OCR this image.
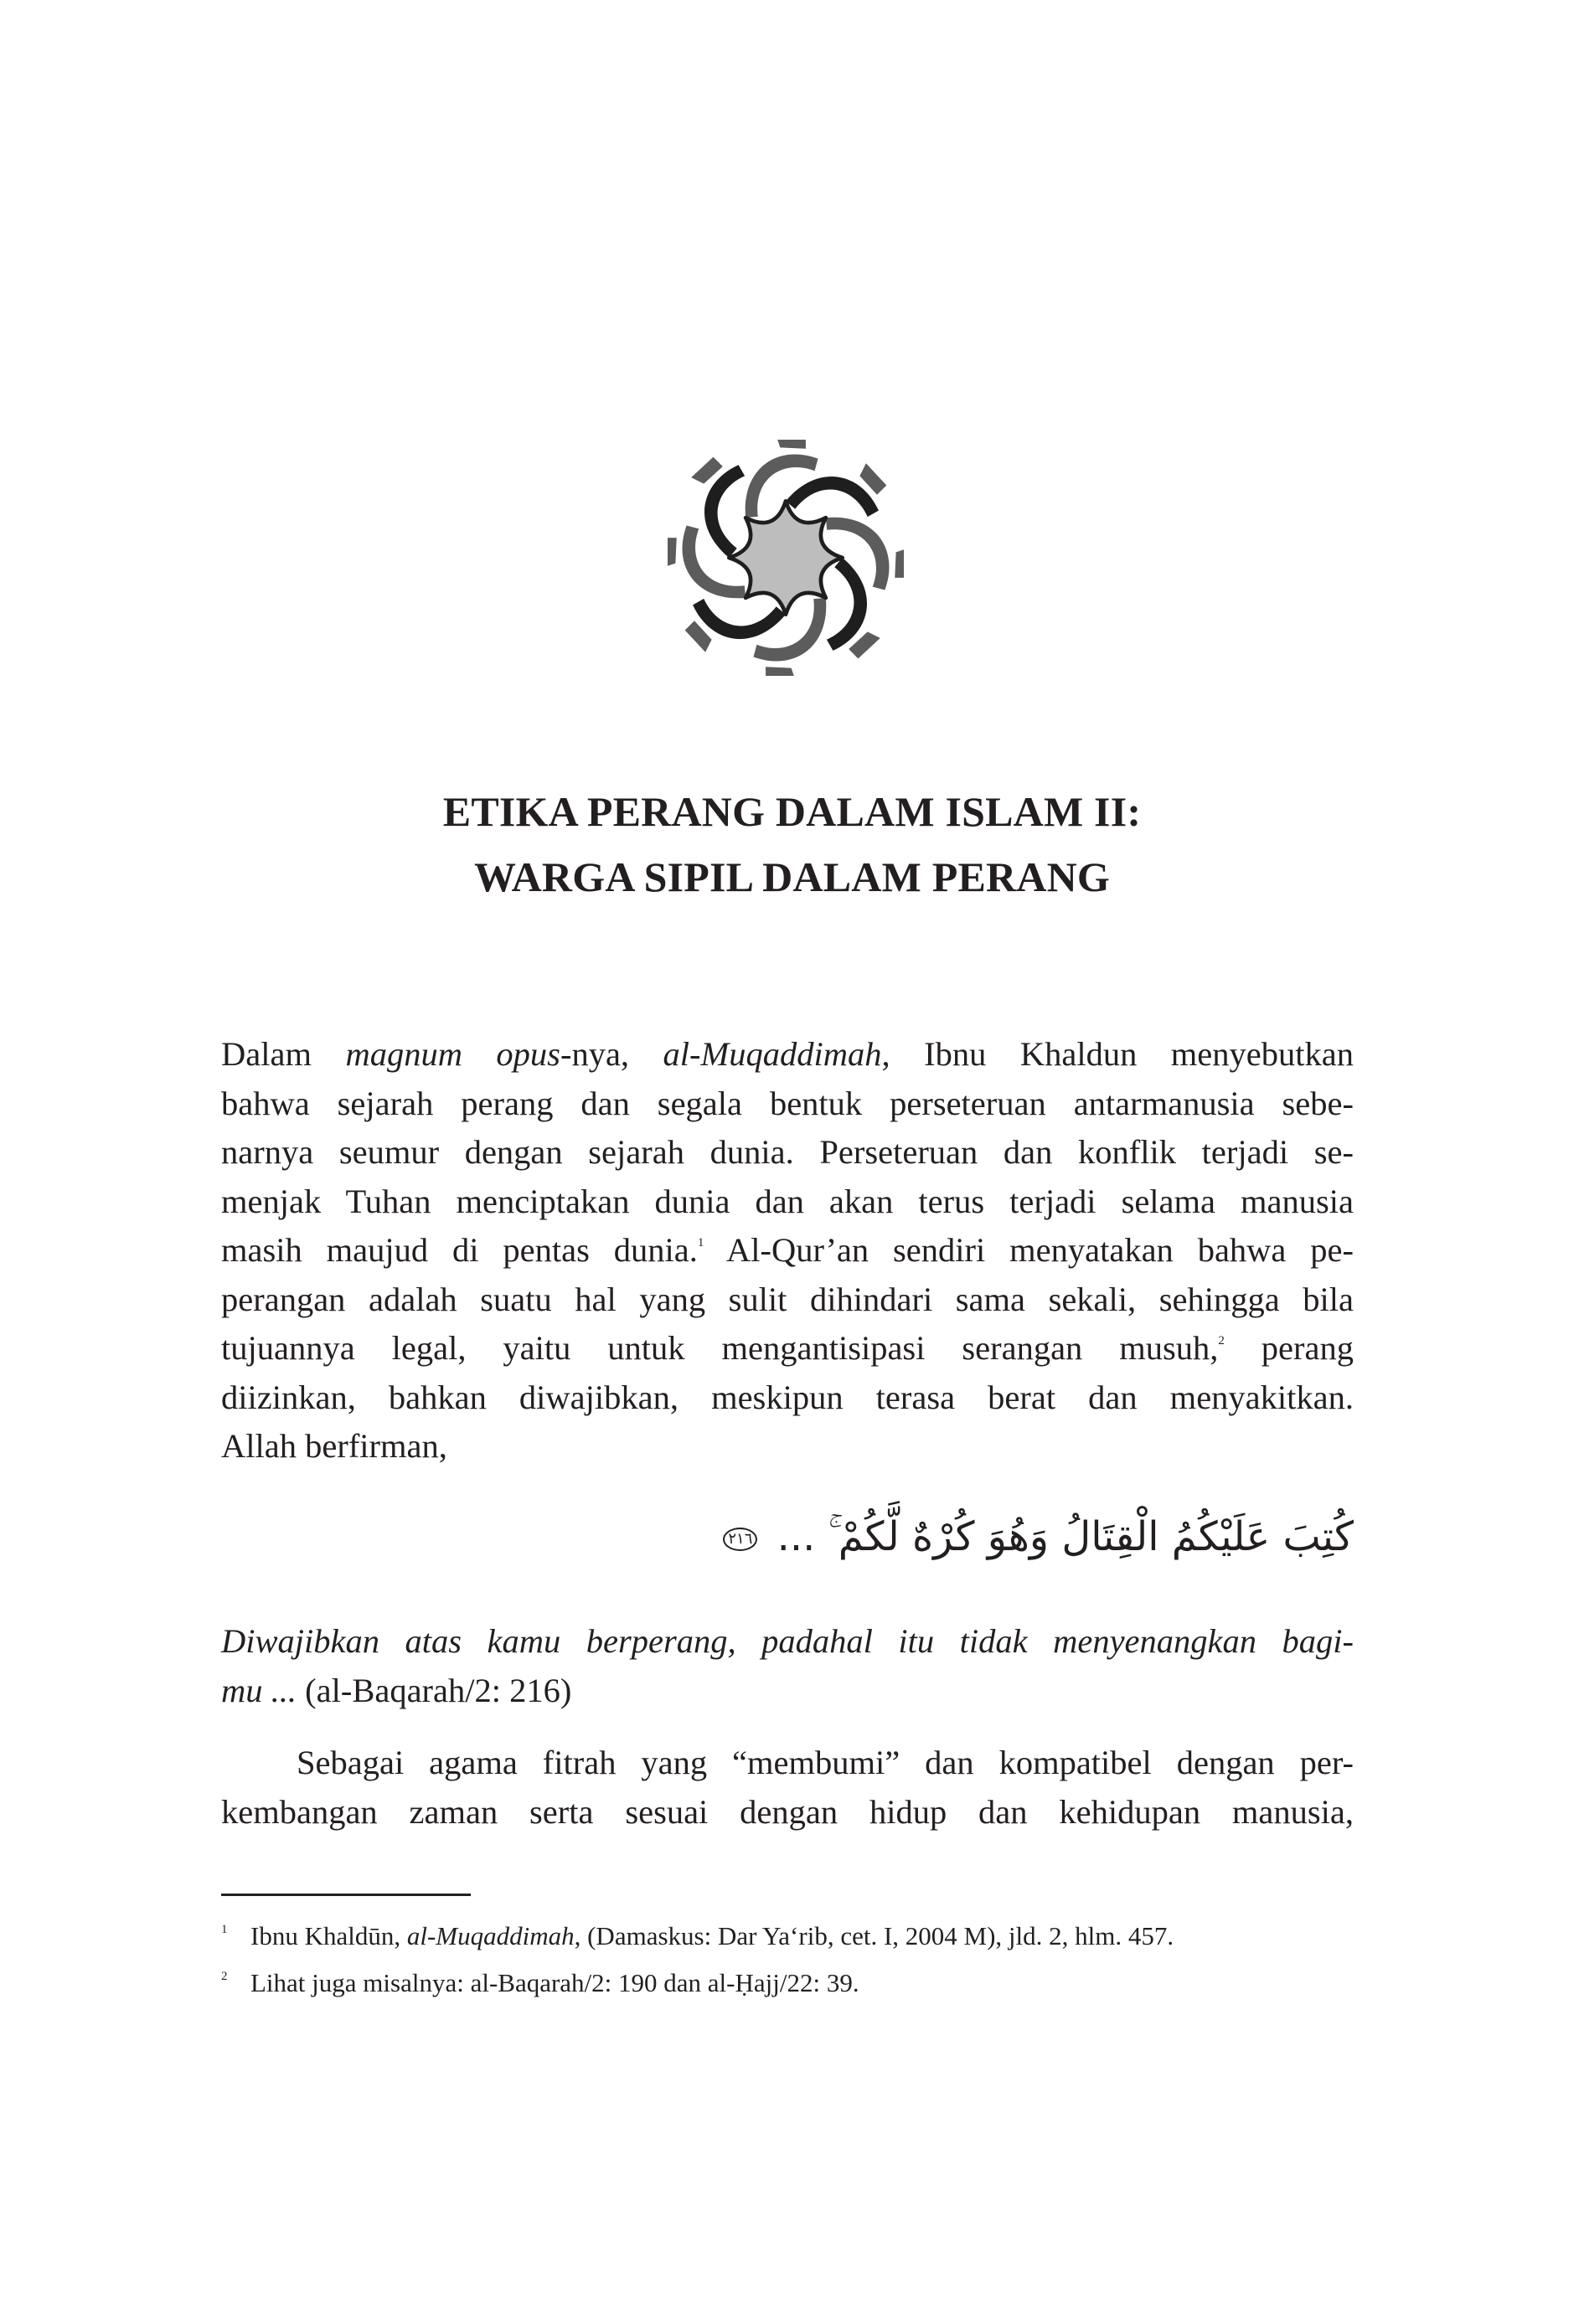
ETIKA PERANG DALAM ISLAM II:
WARGA SIPIL DALAM PERANG
Dalam magnum opus-nya, al-Muqaddimah, Ibnu Khaldun menyebutkan
bahwa sejarah perang dan segala bentuk perseteruan antarmanusia sebe-
narnya seumur dengan sejarah dunia. Perseteruan dan konflik terjadi se-
menjak Tuhan menciptakan dunia dan akan terus terjadi selama manusia
masih maujud di pentas dunia.$^1$ Al-Qur’an sendiri menyatakan bahwa pe-
perangan adalah suatu hal yang sulit dihindari sama sekali, sehingga bila
tujuannya legal, yaitu untuk mengantisipasi serangan musuh,$^2$ perang
diizinkan, bahkan diwajibkan, meskipun terasa berat dan menyakitkan.
Allah berfirman,
كُتِبَ عَلَيْكُمُ الْقِتَالُ وَهُوَ كُرْهٌ لَّكُمْ ۚ ... ٢١٦
Diwajibkan atas kamu berperang, padahal itu tidak menyenangkan bagi-
mu ... (al-Baqarah/2: 216)
Sebagai agama fitrah yang “membumi” dan kompatibel dengan per-
kembangan zaman serta sesuai dengan hidup dan kehidupan manusia,
1 Ibnu Khaldūn, al-Muqaddimah, (Damaskus: Dar Ya‘rib, cet. I, 2004 M), jld. 2, hlm. 457.
2 Lihat juga misalnya: al-Baqarah/2: 190 dan al-Ḥajj/22: 39.
